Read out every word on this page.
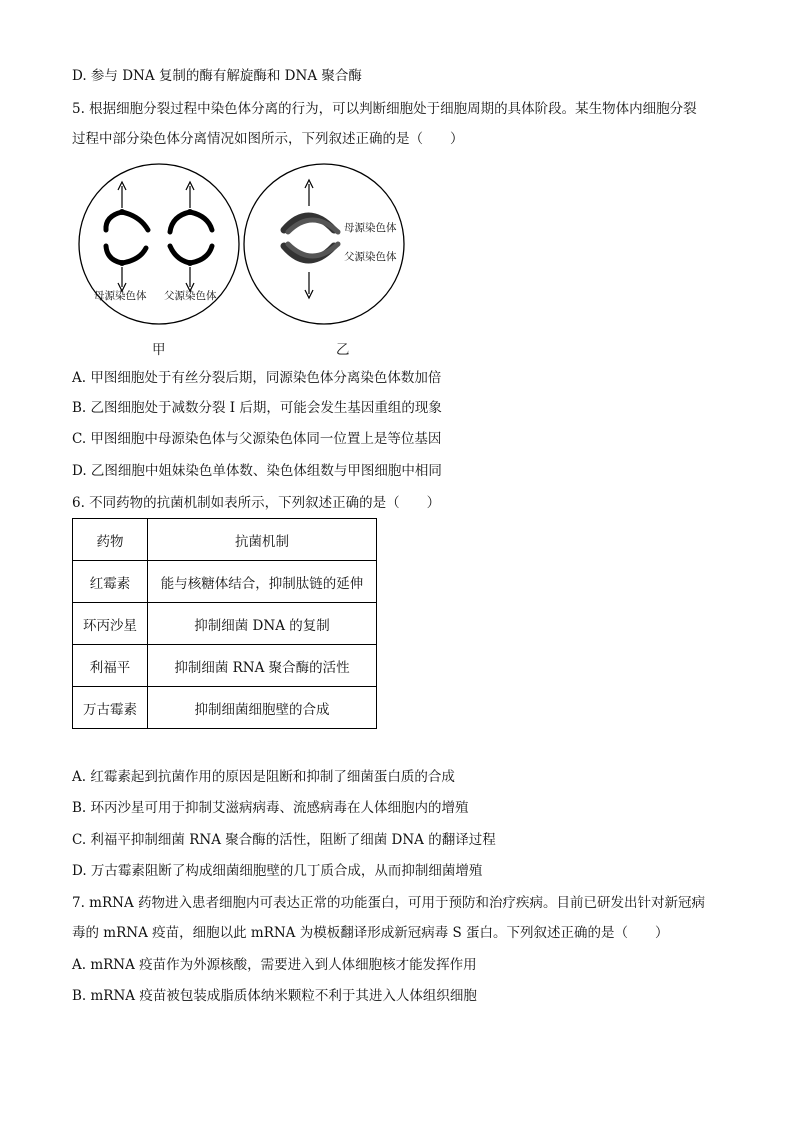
D. 参与 DNA 复制的酶有解旋酶和 DNA 聚合酶
5. 根据细胞分裂过程中染色体分离的行为，可以判断细胞处于细胞周期的具体阶段。某生物体内细胞分裂
过程中部分染色体分离情况如图所示，下列叙述正确的是（　　）
母源染色体 父源染色体
母源染色体
父源染色体
甲	乙
A. 甲图细胞处于有丝分裂后期，同源染色体分离染色体数加倍
B. 乙图细胞处于减数分裂 I 后期，可能会发生基因重组的现象
C. 甲图细胞中母源染色体与父源染色体同一位置上是等位基因
D. 乙图细胞中姐妹染色单体数、染色体组数与甲图细胞中相同
6. 不同药物的抗菌机制如表所示，下列叙述正确的是（　　）
药物	抗菌机制
红霉素	能与核糖体结合，抑制肽链的延伸
环丙沙星	抑制细菌 DNA 的复制
利福平	抑制细菌 RNA 聚合酶的活性
万古霉素	抑制细菌细胞壁的合成
A. 红霉素起到抗菌作用的原因是阻断和抑制了细菌蛋白质的合成
B. 环丙沙星可用于抑制艾滋病病毒、流感病毒在人体细胞内的增殖
C. 利福平抑制细菌 RNA 聚合酶的活性，阻断了细菌 DNA 的翻译过程
D. 万古霉素阻断了构成细菌细胞壁的几丁质合成，从而抑制细菌增殖
7. mRNA 药物进入患者细胞内可表达正常的功能蛋白，可用于预防和治疗疾病。目前已研发出针对新冠病
毒的 mRNA 疫苗，细胞以此 mRNA 为模板翻译形成新冠病毒 S 蛋白。下列叙述正确的是（　　）
A. mRNA 疫苗作为外源核酸，需要进入到人体细胞核才能发挥作用
B. mRNA 疫苗被包装成脂质体纳米颗粒不利于其进入人体组织细胞
